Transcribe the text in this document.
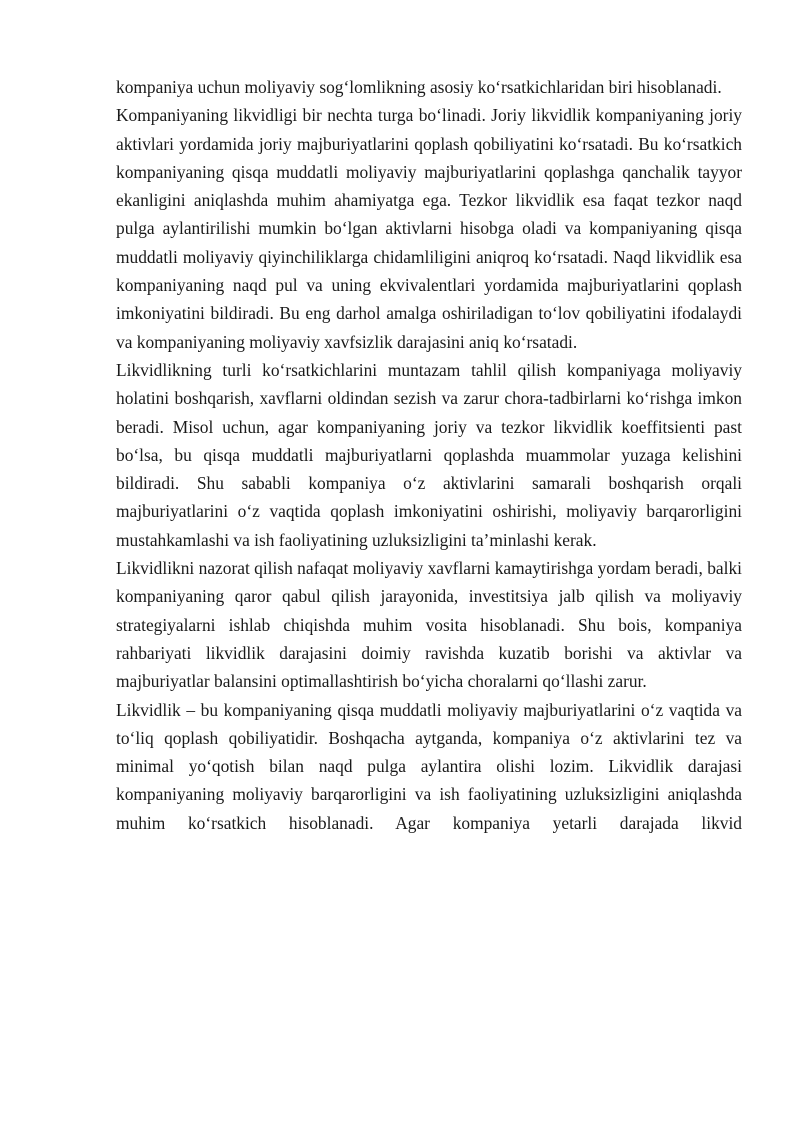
kompaniya uchun moliyaviy sog‘lomlikning asosiy ko‘rsatkichlaridan biri hisoblanadi.

Kompaniyaning likvidligi bir nechta turga bo‘linadi. Joriy likvidlik kompaniyaning joriy aktivlari yordamida joriy majburiyatlarini qoplash qobiliyatini ko‘rsatadi. Bu ko‘rsatkich kompaniyaning qisqa muddatli moliyaviy majburiyatlarini qoplashga qanchalik tayyor ekanligini aniqlashda muhim ahamiyatga ega. Tezkor likvidlik esa faqat tezkor naqd pulga aylantirilishi mumkin bo‘lgan aktivlarni hisobga oladi va kompaniyaning qisqa muddatli moliyaviy qiyinchiliklarga chidamliligini aniqroq ko‘rsatadi. Naqd likvidlik esa kompaniyaning naqd pul va uning ekvivalentlari yordamida majburiyatlarini qoplash imkoniyatini bildiradi. Bu eng darhol amalga oshiriladigan to‘lov qobiliyatini ifodalaydi va kompaniyaning moliyaviy xavfsizlik darajasini aniq ko‘rsatadi.

Likvidlikning turli ko‘rsatkichlarini muntazam tahlil qilish kompaniyaga moliyaviy holatini boshqarish, xavflarni oldindan sezish va zarur chora-tadbirlarni ko‘rishga imkon beradi. Misol uchun, agar kompaniyaning joriy va tezkor likvidlik koeffitsienti past bo‘lsa, bu qisqa muddatli majburiyatlarni qoplashda muammolar yuzaga kelishini bildiradi. Shu sababli kompaniya o‘z aktivlarini samarali boshqarish orqali majburiyatlarini o‘z vaqtida qoplash imkoniyatini oshirishi, moliyaviy barqarorligini mustahkamlashi va ish faoliyatining uzluksizligini ta’minlashi kerak.

Likvidlikni nazorat qilish nafaqat moliyaviy xavflarni kamaytirishga yordam beradi, balki kompaniyaning qaror qabul qilish jarayonida, investitsiya jalb qilish va moliyaviy strategiyalarni ishlab chiqishda muhim vosita hisoblanadi. Shu bois, kompaniya rahbariyati likvidlik darajasini doimiy ravishda kuzatib borishi va aktivlar va majburiyatlar balansini optimallashtirish bo‘yicha choralarni qo‘llashi zarur.

Likvidlik – bu kompaniyaning qisqa muddatli moliyaviy majburiyatlarini o‘z vaqtida va to‘liq qoplash qobiliyatidir. Boshqacha aytganda, kompaniya o‘z aktivlarini tez va minimal yo‘qotish bilan naqd pulga aylantira olishi lozim. Likvidlik darajasi kompaniyaning moliyaviy barqarorligini va ish faoliyatining uzluksizligini aniqlashda muhim ko‘rsatkich hisoblanadi. Agar kompaniya yetarli darajada likvid
